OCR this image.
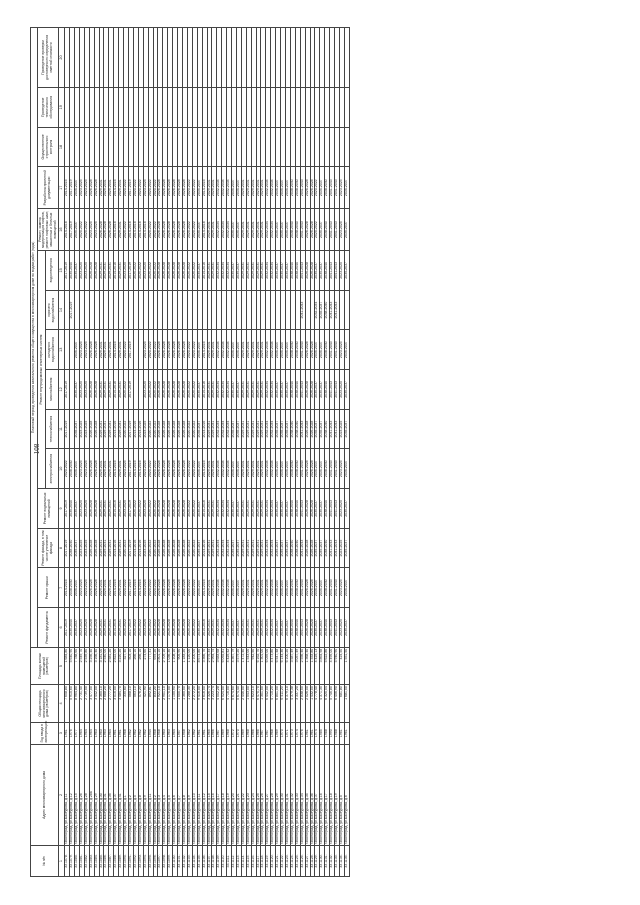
108
№ п/п	Адрес многоквартирного дома	Год ввода в эксплуатацию	Общая площадь многоквартирного дома (кв.метров)	Площадь жилых помещений (кв.метров)	Плановый период проведения капитального ремонта общего имущества в многоквартирном доме по видам работ (годы)														
					Ремонт фундамента	Ремонт крыши	Ремонт фасада, в том числе утепление фасада	Ремонт подвальных помещений	Ремонт внутридомовых инженерных систем						Ремонт, замена модернизация лифтов, ремонт лифтовых шахт, машинных и блочных помещений	Разработка проектной документации	Осуществление строительного контроля	Проведение технического обследования	Проведение проверки достоверности определения сметной стоимости
									электроснабжения	теплоснабжения	газоснабжения	холодного водоснабжения	горячего водоснабжения	водоотведения					
1	2	3	4	5	6	7	8	9	10	11	12	13	14	15	16	17	18	19	20
33.1078.	г.Волгоград, ул.Бахтурова, д.11	1961	7 658,80	1 684,80	2017-2019	2014-2016	2017-2019	2017-2019	2020-2022	2017-2019	2017-2019			2017-2019	2014-2016	2014-2016			
33.1079.	г.Волгоград, ул.Бахтурова, д.12	1976	5 915,60	5 640,90	2035-2040	2038-2040	2038-2040	2035-2040	2038-2040				2017-2019	2035-2040	2017-2019	2017-2019			
33.1080.	г.Волгоград, ул.Бахтурова, д.15	1977	8 964,80	7 788,60	2035-2037	2035-2037	2035-2037	2035-2037	2035-2037	2035-2037	2035-2037	2035-2037		2035-2037	2035-2037	2035-2037			
33.1081.	г.Волгоград, ул.Бахтурова, д.26	1964	2 731,40	2 549,70	2023-2025	2023-2025	2023-2025	2023-2025	2023-2025	2023-2025	2023-2025	2023-2025		2023-2025	2020-2022	2023-2025			
33.1082.	г.Волгоград, ул.Бахтурова, д.28	1964	2 739,50	2 539,80	2023-2025	2023-2025	2023-2025	2023-2025	2023-2025	2023-2025	2023-2025	2023-2025		2023-2025	2020-2022	2023-2025			
33.1083.	г.Волгоград, ул.Бахтурова, д.28а	1964	3 477,00	3 256,40	2026-2028	2026-2028	2026-2028	2026-2028	2026-2028	2026-2028	2026-2028	2026-2028		2026-2028	2023-2025	2026-2028			
33.1084.	г.Волгоград, ул.Бахтурова, д.29	1963	3 442,00	3 166,40	2026-2028	2026-2028	2026-2028	2026-2028	2026-2028	2026-2028	2026-2028	2026-2028		2026-2028	2023-2025	2026-2028			
33.1085.	г.Волгоград, ул.Бахтурова, д.30	1963	3 365,10	3 181,00	2029-2031	2029-2031	2029-2031	2029-2031	2029-2031	2029-2031	2029-2031	2029-2031		2029-2031	2026-2028	2029-2031			
33.1086.	г.Волгоград, ул.Бахтурова, д.31	1963	2 688,20	2 540,00	2029-2031	2029-2031	2029-2031	2029-2031	2029-2031	2029-2031	2029-2031	2029-2031		2029-2031	2026-2028	2029-2031			
33.1087.	г.Волгоград, ул.Бахтурова, д.35	1964	2 777,20	2 581,20	2029-2031	2029-2031	2029-2031	2029-2031	2029-2031	2029-2031	2029-2031	2029-2031		2029-2031	2026-2028	2029-2031			
33.1088.	г.Волгоград, ул.Бахтурова, д.37	1961	3 016,00	2 822,00	2014-2016	2014-2016	2014-2016	2014-2016	2014-2016	2014-2016	2014-2016	2014-2016		2014-2016	2014-2016	2014-2016			
33.1089.	г.Волгоград, ул.Бахтурова, д.41	1961	3 484,70	3 220,20	2029-2031	2029-2031	2029-2031	2029-2031	2029-2031	2029-2031	2029-2031	2029-2031		2029-2031	2029-2031	2029-2031			
33.1090.	г.Волгоград, ул.Бахтурова, д.1	1968	335,60	327,40	2020-2022	2020-2022	2020-2022	2023-2025	2023-2025	2020-2022	2020-2022	2020-2022		2023-2025	2020-2022	2020-2022			
33.1091.	г.Волгоград, ул.Бахтурова, д.2	1962	568,10	503,10	2017-2019	2017-2019	2017-2019	2017-2019	2017-2019	2017-2019	2017-2019	2017-2019		2017-2019	2014-2016	2017-2019			
33.1092.	г.Волгоград, ул.Бахтурова, д.5	1962	563,10	266,10	2020-2022	2014-2016	2014-2016	2020-2022	2014-2016	2014-2016				2020-2022	2014-2016	2020-2022			
33.1093.	г.Волгоград, ул.Бахтурова, д.8	1962	576,20	266,10	2020-2022	2014-2016	2014-2016	2020-2022	2014-2016	2014-2016				2020-2022	2014-2016	2020-2022			
33.1094.	г.Волгоград, ул.Бахтурова, д.9	1962	421,90	274,60	2023-2025	2023-2025	2023-2025	2023-2025	2023-2025	2023-2025	2023-2025	2023-2025		2023-2025	2014-2016	2023-2025			
33.1095.	г.Волгоград, ул.Бахтурова, д.11	1944	892,81	777,31	2020-2022	2020-2022	2020-2022	2020-2022	2020-2022	2020-2022	2020-2022	2020-2022		2020-2022	2020-2022	2020-2022			
33.1096.	г.Волгоград, ул.Бахтурова, д.2	1958	833,20	693,20	2020-2022	2020-2022	2020-2022	2020-2022	2020-2022	2020-2022	2020-2022	2020-2022		2020-2022	2020-2022	2020-2022			
33.1097.	г.Волгоград, ул.Бахтурова, д.3	1958	2 921,10	2 801,10	2026-2028	2026-2028	2026-2028	2026-2028	2026-2028	2026-2028	2026-2028	2026-2028		2026-2028	2026-2028	2026-2028			
33.1098.	г.Волгоград, ул.Бахтурова, д.4	1963	2 901,10	2 709,10	2026-2028	2026-2028	2026-2028	2026-2028	2026-2028	2026-2028	2026-2028	2026-2028		2026-2028	2026-2028	2026-2028			
33.1099.	г.Волгоград, ул.Бахтурова, д.5	1963	1 170,00	1 036,30	2026-2028	2026-2028	2026-2028	2026-2028	2026-2028	2026-2028	2026-2028	2026-2028		2026-2028	2026-2028	2026-2028			
33.1100.	г.Волгоград, ул.Бахтурова, д.6	1964	1 155,90	1 108,10	2026-2028	2026-2028	2026-2028	2026-2028	2026-2028	2026-2028	2026-2028	2026-2028		2026-2028	2026-2028	2026-2028			
33.1101.	г.Волгоград, ул.Бахтурова, д.7	1957	1 000,70	905,90	2026-2028	2026-2028	2026-2028	2026-2028	2026-2028	2026-2028	2026-2028	2026-2028		2026-2028	2026-2028	2026-2028			
33.1102.	г.Волгоград, ул.Бахтурова, д.8	1958	1 365,50	1 183,20	2026-2028	2026-2028	2026-2028	2026-2028	2026-2028	2026-2028	2026-2028	2026-2028		2026-2028	2026-2028	2026-2028			
33.1103.	г.Волгоград, ул.Бахтурова, д.9	1962	1 288,30	1 120,00	2020-2022	2020-2022	2020-2022	2020-2022	2020-2022	2020-2022	2020-2022	2020-2022		2020-2022	2020-2022	2020-2022			
33.1104.	г.Волгоград, ул.Бахтурова, д.10	1962	2 272,20	2 100,00	2020-2022	2020-2022	2020-2022	2020-2022	2020-2022	2020-2022	2020-2022	2020-2022		2020-2022	2020-2022	2020-2022			
33.1105.	г.Волгоград, ул.Бахтурова, д.11	1961	9 416,00	8 674,80	2035-2037	2035-2037	2035-2037	2035-2037	2035-2037	2035-2037	2035-2037	2035-2037		2035-2037	2035-2037	2035-2037			
33.1106.	г.Волгоград, ул.Бахтурова, д.12	1961	3 616,00	3 366,70	2014-2016	2014-2016	2014-2016	2014-2016	2014-2016	2014-2016	2014-2016	2014-2016		2014-2016	2014-2016	2014-2016			
33.1107.	г.Волгоград, ул.Бахтурова, д.15	1965	3 326,74	2 976,34	2029-2031	2029-2031	2029-2031	2029-2031	2029-2031	2029-2031	2029-2031	2029-2031		2029-2031	2029-2031	2029-2031			
33.1108.	г.Волгоград, ул.Бахтурова, д.16	1966	3 223,74	2 964,74	2029-2031	2029-2031	2029-2031	2029-2031	2029-2031	2029-2031	2029-2031	2029-2031		2029-2031	2029-2031	2029-2031			
33.1109.	г.Волгоград, ул.Бахтурова, д.17	1967	4 002,28	3 683,68	2032-2034	2032-2034	2032-2034	2032-2034	2032-2034	2032-2034	2032-2034	2032-2034		2032-2034	2032-2034	2032-2034			
33.1110.	г.Волгоград, ул.Бахтурова, д.18	1969	6 524,00	6 092,81	2032-2034	2032-2034	2032-2034	2032-2034	2032-2034	2032-2034	2032-2034	2032-2034		2032-2034	2032-2034	2032-2034			
33.1111.	г.Волгоград, ул.Бахтурова, д.19	1968	4 716,00	4 425,42	2032-2034	2032-2034	2032-2034	2032-2034	2032-2034	2032-2034	2032-2034	2032-2034		2032-2034	2032-2034	2032-2034			
33.1112.	г.Волгоград, ул.Бахтурова, д.20	1972	5 674,60	4 367,79	2035-2037	2035-2037	2035-2037	2035-2037	2035-2037	2035-2037	2035-2037	2035-2037		2035-2037	2035-2037	2035-2037			
33.1113.	г.Волгоград, ул.Бахтурова, д.21	1970	5 674,40	3 579,20	2035-2037	2035-2037	2035-2037	2035-2037	2035-2037	2035-2037	2035-2037	2035-2037		2035-2037	2035-2037	2035-2037			
33.1114.	г.Волгоград, ул.Бахтурова, д.22	1969	2 446,00	1 472,40	2029-2031	2029-2031	2029-2031	2029-2031	2029-2031	2029-2031	2029-2031	2029-2031		2029-2031	2029-2031	2029-2031			
33.1115.	г.Волгоград, ул.Бахтурова, д.23	1968	1 543,00	1 543,00	2029-2031	2029-2031	2029-2031	2029-2031	2029-2031	2029-2031	2029-2031	2029-2031		2029-2031	2029-2031	2029-2031			
33.1116.	г.Волгоград, ул.Бахтурова, д.24	1966	1 623,10	942,50	2029-2031	2029-2031	2029-2031	2029-2031	2029-2031	2029-2031	2029-2031	2029-2031		2029-2031	2029-2031	2029-2031			
33.1117.	г.Волгоград, ул.Бахтурова, д.25	1966	6 470,70	6 162,70	2029-2031	2029-2031	2029-2031	2029-2031	2029-2031	2029-2031	2029-2031	2029-2031		2029-2031	2029-2031	2029-2031			
33.1118.	г.Волгоград, ул.Бахтурова, д.26	1967	1 301,00	1 301,00	2029-2031	2029-2031	2029-2031	2029-2031	2029-2031	2029-2031	2029-2031	2029-2031		2029-2031	2029-2031	2029-2031			
33.1119.	г.Волгоград, ул.Бахтурова, д.27	1967	6 442,00	6 059,00	2032-2034	2032-2034	2032-2034	2032-2034	2032-2034	2032-2034	2032-2034	2032-2034		2032-2034	2032-2034	2032-2034			
33.1120.	г.Волгоград, ул.Бахтурова, д.28	1968	4 715,20	4 473,80	2032-2034	2032-2034	2032-2034	2032-2034	2032-2034	2032-2034	2032-2034	2032-2034		2032-2034	2032-2034	2032-2034			
33.1121.	г.Волгоград, ул.Бахтурова, д.29	1969	6 801,00	6 547,48	2035-2037	2035-2037	2035-2037	2035-2037	2035-2037	2035-2037	2035-2037	2035-2037		2035-2037	2035-2037	2035-2037			
33.1122.	г.Волгоград, ул.Бахтурова, д.30	1970	6 411,20	6 144,30	2035-2037	2035-2037	2035-2037	2035-2037	2035-2037	2035-2037	2035-2037	2035-2037		2035-2037	2035-2037	2035-2037			
33.1123.	г.Волгоград, ул.Бахтурова, д.31	1971	6 379,10	6 100,20	2035-2037	2035-2037	2035-2037	2035-2037	2035-2037	2035-2037	2035-2037	2035-2037		2035-2037	2035-2037	2035-2037			
33.1124.	г.Волгоград, ул.Бахтурова, д.32	1973	4 379,38	3 587,49	2038-2040	2038-2040	2038-2040	2038-2040	2038-2040	2038-2040	2038-2040	2038-2040		2038-2040	2038-2040	2038-2040			
33.1125.	г.Волгоград, ул.Бахтурова, д.33	1974	3 337,20	3 057,49	2038-2040	2038-2040	2038-2040	2038-2040	2038-2040	2038-2040	2038-2040	2038-2040		2038-2040	2038-2040	2038-2040			
33.1126.	г.Волгоград, ул.Бахтурова, д.34	1976	2 838,50	2 556,40	2041-2043	2041-2043	2041-2043	2041-2043	2041-2043	2041-2043	2041-2043	2041-2043	2041-2043	2041-2043	2041-2043	2041-2043			
33.1127.	г.Волгоград, ул.Бахтурова, д.35	1961	2 026,00	1 368,40	2026-2028	2026-2028	2026-2028	2026-2028	2026-2028	2026-2028	2026-2028	2026-2028		2026-2028	2026-2028	2026-2028			
33.1128.	г.Волгоград, ул.Бахтурова, д.36	1961	1 432,00	1 333,80	2026-2028	2026-2028	2026-2028	2026-2028	2026-2028	2026-2028	2026-2028	2026-2028		2026-2028	2026-2028	2026-2028			
33.1129.	г.Волгоград, ул.Бахтурова, д.37	1974	4 778,40	4 425,13	2035-2037	2035-2037	2035-2037	2035-2037	2035-2037	2035-2037	2035-2037	2035-2037	2032-2034	2035-2037	2020-2022	2020-2022			
33.1130.	г.Волгоград, ул.Бахтурова, д.16	1985	4 371,35	3 864,98	2035-2037	2035-2037	2035-2037	2035-2037	2035-2037	2035-2037	2035-2037	2035-2037	2035-2037	2035-2037	2035-2037	2035-2037			
33.1131.	г.Волгоград, ул.Бахтурова, д.17	1988	6 320,54	5 622,86	2038-2040	2038-2040	2038-2040	2038-2040	2038-2040	2038-2040	2038-2040	2038-2040	2038-2040	2038-2040	2038-2040	2038-2040			
33.1132.	г.Волгоград, ул.Бахтурова, д.18	1990	5 746,80	4 495,00	2041-2043	2041-2043	2041-2043	2041-2043	2041-2043	2041-2043	2041-2043	2041-2043	2041-2043	2041-2043	2041-2043	2041-2043			
33.1133.	г.Волгоград, ул.Бахтурова, д.19	1988	6 456,90	5 940,90	2041-2043	2041-2043	2041-2043	2041-2043	2041-2043	2041-2043	2041-2043	2041-2043	2041-2043	2041-2043	2041-2043	2041-2043			
33.1134.	г.Волгоград, ул.Бахтурова, д.5	1961	681,80	424,50	2023-2025	2023-2025	2023-2025	2023-2025	2023-2025	2023-2025	2023-2025	2023-2025		2023-2025	2023-2025	2023-2025			
33.1135.	г.Волгоград, ул.Бахтурова, д.6	1961	1 681,50	1 551,50	2035-2037	2035-2037	2035-2037	2035-2037	2035-2037	2035-2037	2035-2037	2035-2037		2035-2037	2035-2037	2035-2037			
